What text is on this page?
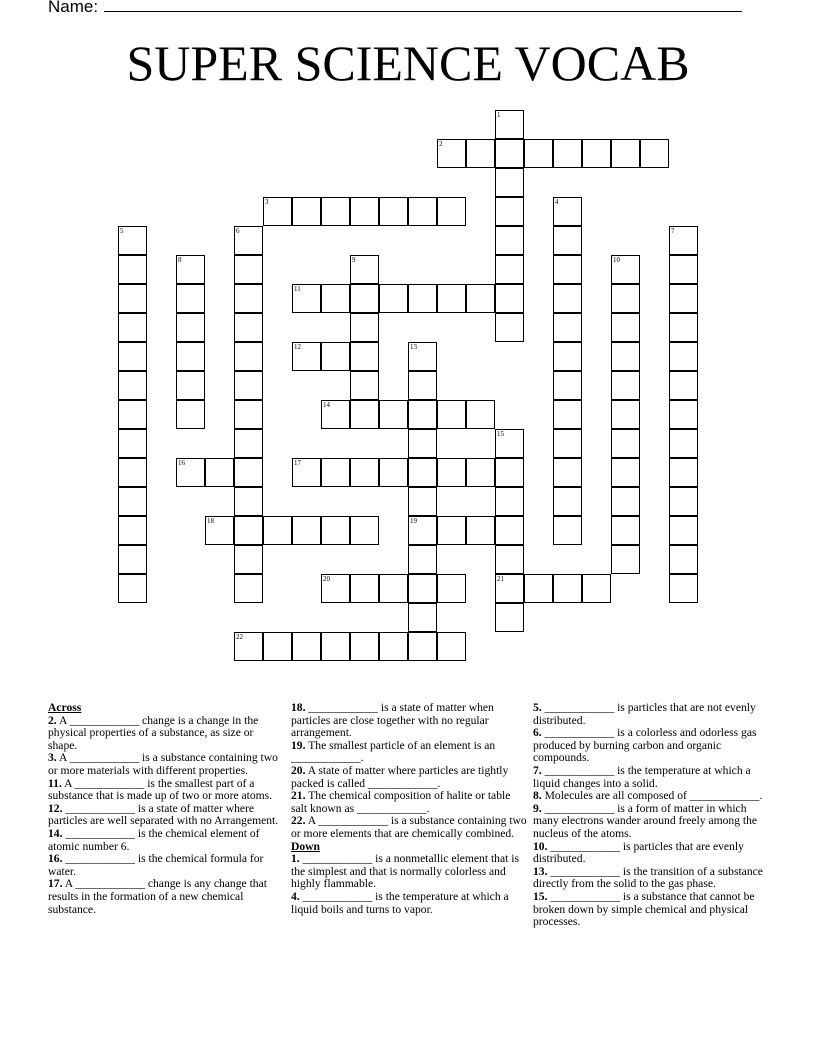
Name:
SUPER SCIENCE VOCAB
2
3
11
12
14
16	17
18	19
20	21
22
1
4
5	6	7
8	9	10
13
15

Across

2. A ____________ change is a change in the physical properties of a substance, as size or shape.

3. A ____________ is a substance containing two or more materials with different properties.

11. A ____________ is the smallest part of a substance that is made up of two or more atoms.

12. ____________ is a state of matter where particles are well separated with no Arrangement.

14. ____________ is the chemical element of atomic number 6.

16. ____________ is the chemical formula for water.

17. A ____________ change is any change that results in the formation of a new chemical substance.

18. ____________ is a state of matter when particles are close together with no regular arrangement.

19. The smallest particle of an element is an ____________.

20. A state of matter where particles are tightly packed is called ____________.

21. The chemical composition of halite or table salt known as ____________.

22. A ____________ is a substance containing two or more elements that are chemically combined.

Down

1. ____________ is a nonmetallic element that is the simplest and that is normally colorless and highly flammable.

4. ____________ is the temperature at which a liquid boils and turns to vapor.

5. ____________ is particles that are not evenly distributed.

6. ____________ is a colorless and odorless gas produced by burning carbon and organic compounds.

7. ____________ is the temperature at which a liquid changes into a solid.

8. Molecules are all composed of ____________.

9. ____________ is a form of matter in which many electrons wander around freely among the nucleus of the atoms.

10. ____________ is particles that are evenly distributed.

13. ____________ is the transition of a substance directly from the solid to the gas phase.

15. ____________ is a substance that cannot be broken down by simple chemical and physical processes.
